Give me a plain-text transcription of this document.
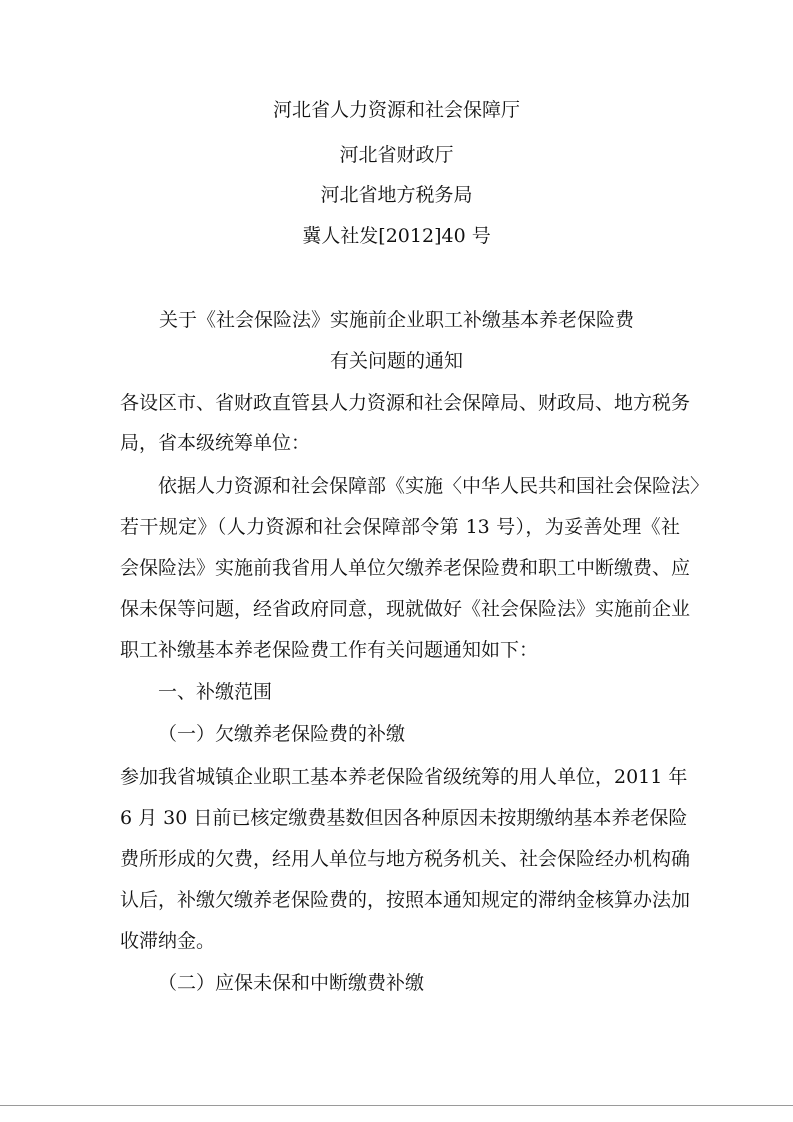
河北省人力资源和社会保障厅
河北省财政厅
河北省地方税务局
冀人社发[2012]40 号
关于《社会保险法》实施前企业职工补缴基本养老保险费
有关问题的通知
各设区市、省财政直管县人力资源和社会保障局、财政局、地方税务
局，省本级统筹单位：
依据人力资源和社会保障部《实施〈中华人民共和国社会保险法〉
若干规定》（人力资源和社会保障部令第 13 号），为妥善处理《社
会保险法》实施前我省用人单位欠缴养老保险费和职工中断缴费、应
保未保等问题，经省政府同意，现就做好《社会保险法》实施前企业
职工补缴基本养老保险费工作有关问题通知如下：
一、补缴范围
（一）欠缴养老保险费的补缴
参加我省城镇企业职工基本养老保险省级统筹的用人单位，2011 年
6 月 30 日前已核定缴费基数但因各种原因未按期缴纳基本养老保险
费所形成的欠费，经用人单位与地方税务机关、社会保险经办机构确
认后，补缴欠缴养老保险费的，按照本通知规定的滞纳金核算办法加
收滞纳金。
（二）应保未保和中断缴费补缴
